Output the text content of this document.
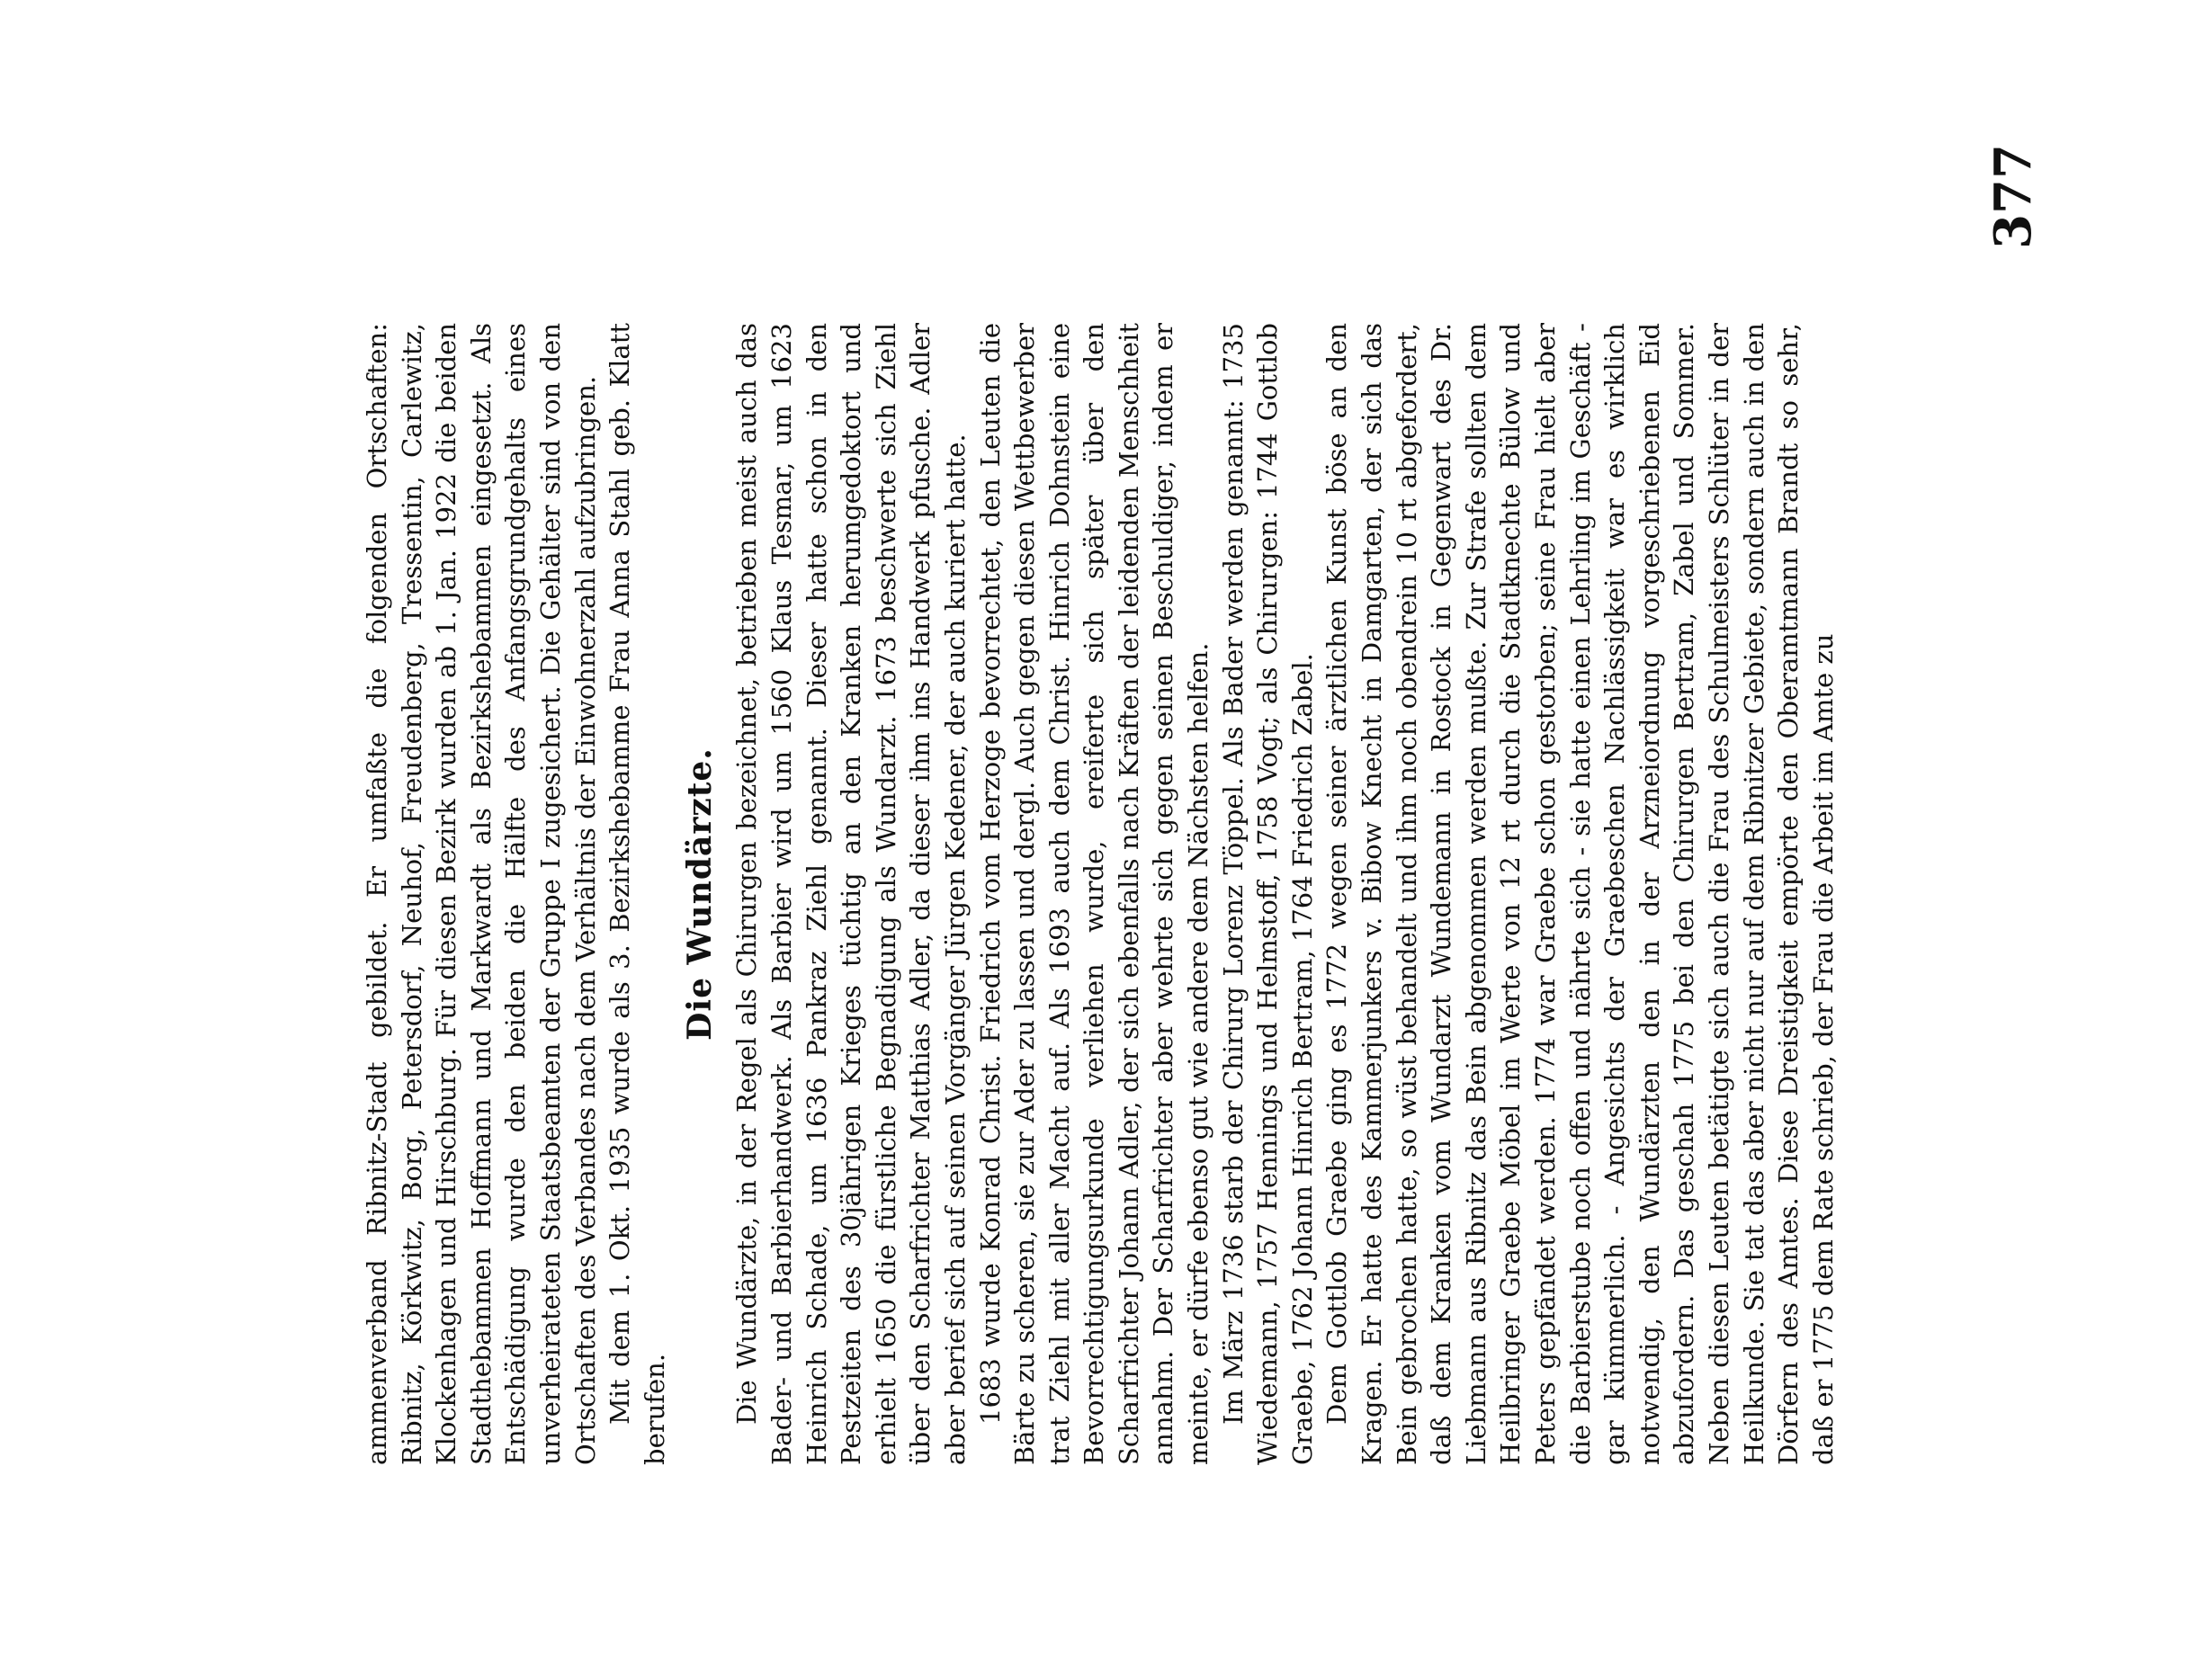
377

ammenverband Ribnitz-Stadt gebildet. Er umfaßte die folgenden Ortschaften: Ribnitz, Körkwitz, Borg, Petersdorf, Neuhof, Freudenberg, Tressentin, Carlewitz, Klockenhagen und Hirschburg. Für diesen Bezirk wurden ab 1. Jan. 1922 die beiden Stadthebammen Hoffmann und Markwardt als Bezirkshebammen eingesetzt. Als Entschädigung wurde den beiden die Hälfte des Anfangsgrundgehalts eines unverheirateten Staatsbeamten der Gruppe I zugesichert. Die Gehälter sind von den Ortschaften des Verbandes nach dem Verhältnis der Einwohnerzahl aufzubringen. Mit dem 1. Okt. 1935 wurde als 3. Bezirkshebamme Frau Anna Stahl geb. Klatt berufen.

Die Wundärzte. Die Wundärzte, in der Regel als Chirurgen bezeichnet, betrieben meist auch das Bader- und Barbierhandwerk. Als Barbier wird um 1560 Klaus Tesmar, um 1623 Heinrich Schade, um 1636 Pankraz Ziehl genannt. Dieser hatte schon in den Pestzeiten des 30jährigen Krieges tüchtig an den Kranken herumgedoktort und erhielt 1650 die fürstliche Begnadigung als Wundarzt. 1673 beschwerte sich Ziehl über den Scharfrichter Matthias Adler, da dieser ihm ins Handwerk pfusche. Adler aber berief sich auf seinen Vorgänger Jürgen Kedener, der auch kuriert hatte. 1683 wurde Konrad Christ. Friedrich vom Herzoge bevorrechtet, den Leuten die Bärte zu scheren, sie zur Ader zu lassen und dergl. Auch gegen diesen Wettbewerber trat Ziehl mit aller Macht auf. Als 1693 auch dem Christ. Hinrich Dohnstein eine Bevorrechtigungsurkunde verliehen wurde, ereiferte sich später über den Scharfrichter Johann Adler, der sich ebenfalls nach Kräften der leidenden Menschheit annahm. Der Scharfrichter aber wehrte sich gegen seinen Beschuldiger, indem er meinte, er dürfe ebenso gut wie andere dem Nächsten helfen. Im März 1736 starb der Chirurg Lorenz Töppel. Als Bader werden genannt: 1735 Wiedemann, 1757 Hennings und Helmstoff, 1758 Vogt; als Chirurgen: 1744 Gottlob Graebe, 1762 Johann Hinrich Bertram, 1764 Friedrich Zabel. Dem Gottlob Graebe ging es 1772 wegen seiner ärztlichen Kunst böse an den Kragen. Er hatte des Kammerjunkers v. Bibow Knecht in Damgarten, der sich das Bein gebrochen hatte, so wüst behandelt und ihm noch obendrein 10 rt abgefordert, daß dem Kranken vom Wundarzt Wundemann in Rostock in Gegenwart des Dr. Liebmann aus Ribnitz das Bein abgenommen werden mußte. Zur Strafe sollten dem Heilbringer Graebe Möbel im Werte von 12 rt durch die Stadtknechte Bülow und Peters gepfändet werden. 1774 war Graebe schon gestorben; seine Frau hielt aber die Barbierstube noch offen und nährte sich - sie hatte einen Lehrling im Geschäft - gar kümmerlich. - Angesichts der Graebeschen Nachlässigkeit war es wirklich notwendig, den Wundärzten den in der Arzneiordnung vorgeschriebenen Eid abzufordern. Das geschah 1775 bei den Chirurgen Bertram, Zabel und Sommer. Neben diesen Leuten betätigte sich auch die Frau des Schulmeisters Schlüter in der Heilkunde. Sie tat das aber nicht nur auf dem Ribnitzer Gebiete, sondern auch in den Dörfern des Amtes. Diese Dreistigkeit empörte den Oberamtmann Brandt so sehr, daß er 1775 dem Rate schrieb, der Frau die Arbeit im Amte zu
